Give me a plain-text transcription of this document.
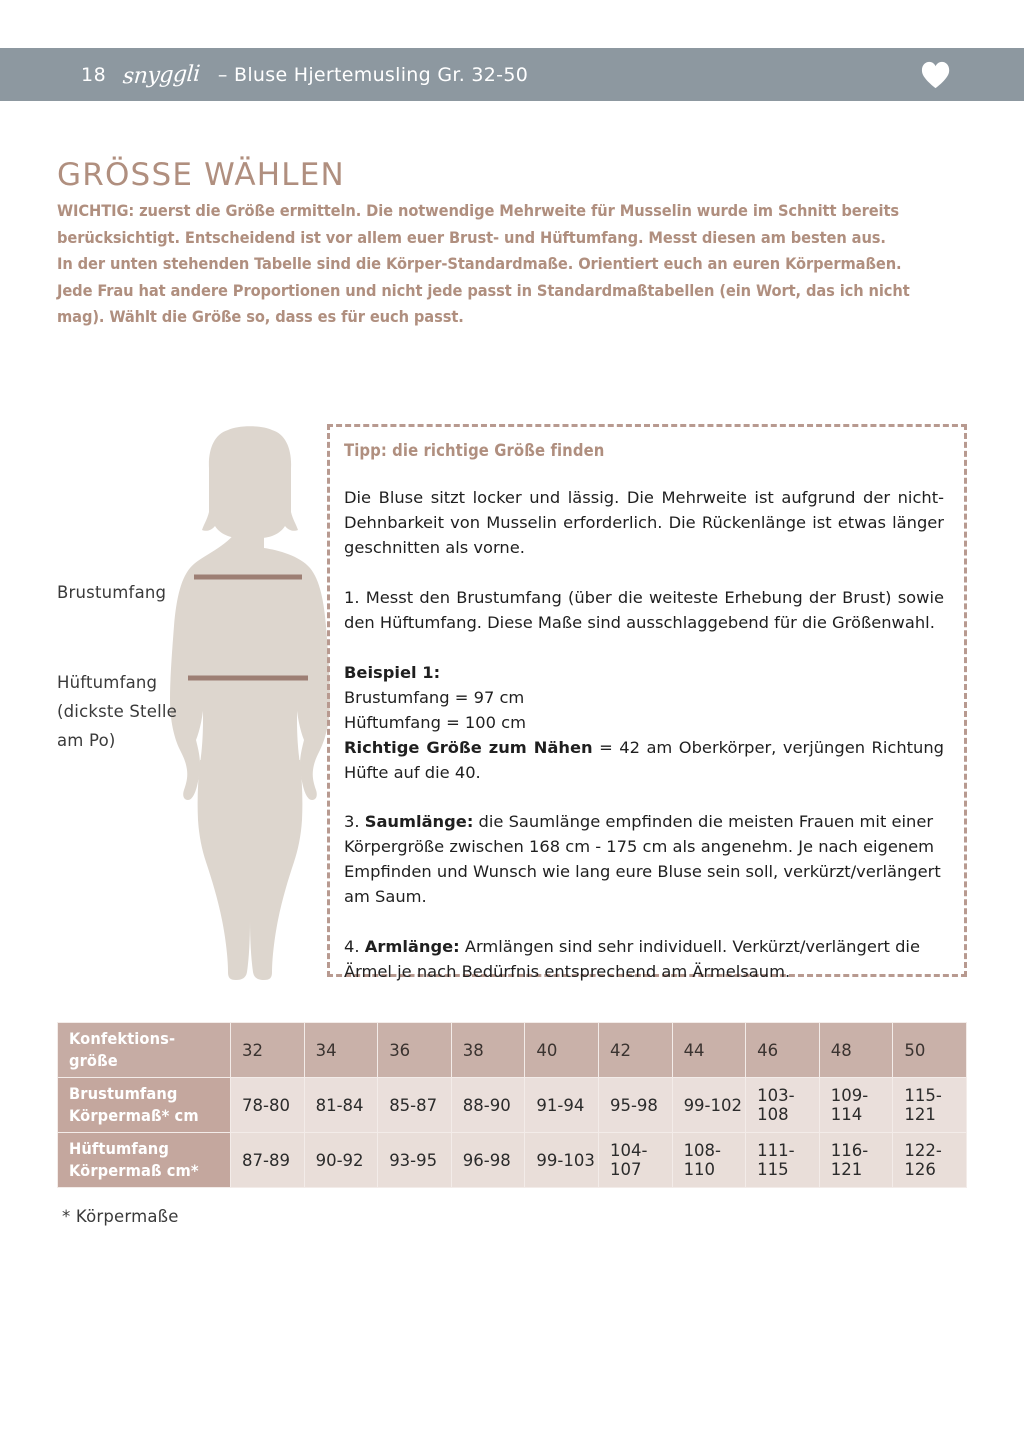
18 snyggli – Bluse Hjertemusling Gr. 32-50
GRÖSSE WÄHLEN

WICHTIG: zuerst die Größe ermitteln. Die notwendige Mehrweite für Musselin wurde im Schnitt bereits berücksichtigt. Entscheidend ist vor allem euer Brust- und Hüftumfang. Messt diesen am besten aus.

In der unten stehenden Tabelle sind die Körper-Standardmaße. Orientiert euch an euren Körpermaßen. Jede Frau hat andere Proportionen und nicht jede passt in Standardmaßtabellen (ein Wort, das ich nicht mag). Wählt die Größe so, dass es für euch passt.

Brustumfang
Hüftumfang
(dickste Stelle
am Po)

Tipp: die richtige Größe finden

Die Bluse sitzt locker und lässig. Die Mehrweite ist aufgrund der nicht-Dehnbarkeit von Musselin erforderlich. Die Rückenlänge ist etwas länger geschnitten als vorne.

1. Messt den Brustumfang (über die weiteste Erhebung der Brust) sowie den Hüftumfang. Diese Maße sind ausschlaggebend für die Größenwahl.

Beispiel 1:
Brustumfang = 97 cm
Hüftumfang = 100 cm
Richtige Größe zum Nähen = 42 am Oberkörper, verjüngen Richtung Hüfte auf die 40.

3. Saumlänge: die Saumlänge empfinden die meisten Frauen mit einer Körpergröße zwischen 168 cm - 175 cm als angenehm. Je nach eigenem Empfinden und Wunsch wie lang eure Bluse sein soll, verkürzt/verlängert am Saum.

4. Armlänge: Armlängen sind sehr individuell. Verkürzt/verlängert die Ärmel je nach Bedürfnis entsprechend am Ärmelsaum.

Konfektions-
größe	32	34	36	38	40	42	44	46	48	50

Brustumfang
Körpermaß* cm	78-80	81-84	85-87	88-90	91-94	95-98	99-102	103-108	109-114	115-121

Hüftumfang
Körpermaß cm*	87-89	90-92	93-95	96-98	99-103	104-107	108-110	111-115	116-121	122-126
* Körpermaße
